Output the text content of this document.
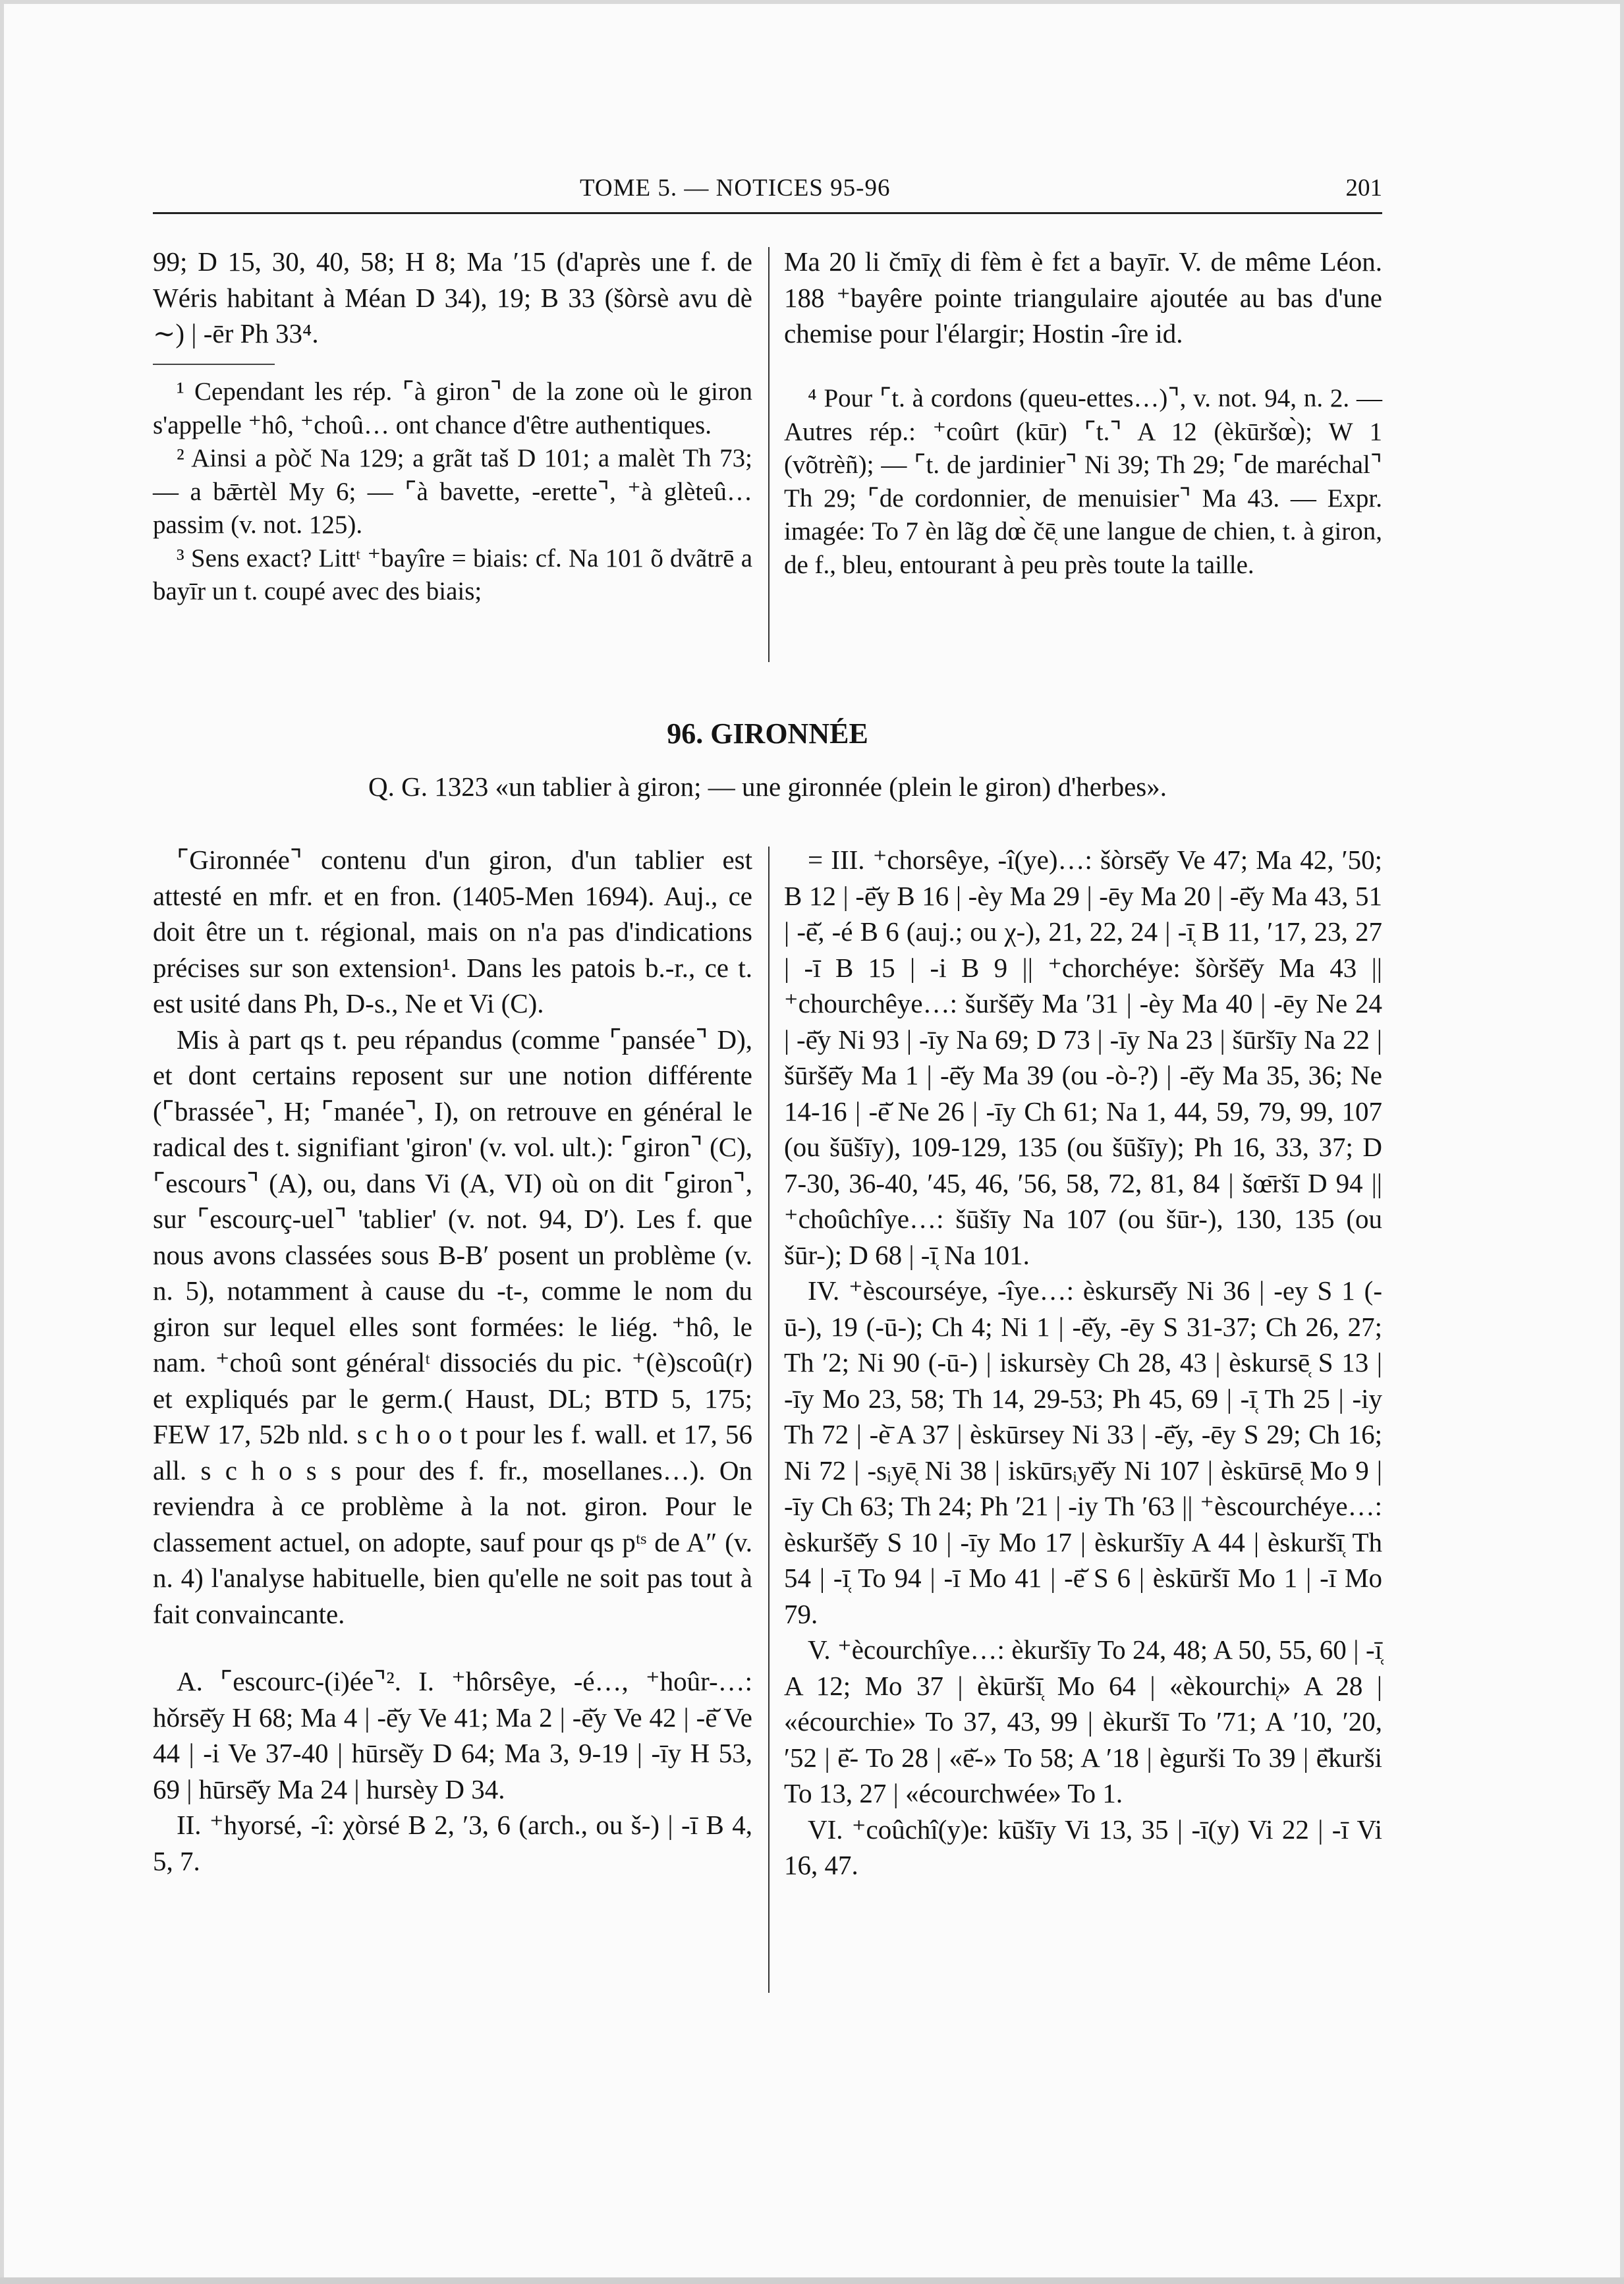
TOME 5. — NOTICES 95-96	201

99; D 15, 30, 40, 58; H 8; Ma ′15 (d'après une f. de Wéris habitant à Méan D 34), 19; B 33 (šòrsè avu dè ∼) | -ēr Ph 33⁴.

¹ Cependant les rép. ⌜à giron⌝ de la zone où le giron s'appelle ⁺hô, ⁺choû… ont chance d'être authentiques.

² Ainsi a pòč Na 129; a grãt taš D 101; a malèt Th 73; — a bǣrtèl My 6; — ⌜à bavette, -erette⌝, ⁺à glèteû… passim (v. not. 125).

³ Sens exact? Littᵗ ⁺bayîre = biais: cf. Na 101 õ dvãtrē a bayīr un t. coupé avec des biais;

Ma 20 li čmīχ di fèm è fɛt a bayīr. V. de même Léon. 188 ⁺bayêre pointe triangulaire ajoutée au bas d'une chemise pour l'élargir; Hostin -îre id.

⁴ Pour ⌜t. à cordons (queu-ettes…)⌝, v. not. 94, n. 2. — Autres rép.: ⁺coûrt (kūr) ⌜t.⌝ A 12 (èkūršœ̀); W 1 (võtrèñ); — ⌜t. de jardinier⌝ Ni 39; Th 29; ⌜de maréchal⌝ Th 29; ⌜de cordonnier, de menuisier⌝ Ma 43. — Expr. imagée: To 7 èn lãg dœ̀ čē̜ une langue de chien, t. à giron, de f., bleu, entourant à peu près toute la taille.

96. GIRONNÉE
Q. G. 1323 «un tablier à giron; — une gironnée (plein le giron) d'herbes».

⌜Gironnée⌝ contenu d'un giron, d'un tablier est attesté en mfr. et en fron. (1405-Men 1694). Auj., ce doit être un t. régional, mais on n'a pas d'indications précises sur son extension¹. Dans les patois b.-r., ce t. est usité dans Ph, D-s., Ne et Vi (C).

Mis à part qs t. peu répandus (comme ⌜pansée⌝ D), et dont certains reposent sur une notion différente (⌜brassée⌝, H; ⌜manée⌝, I), on retrouve en général le radical des t. signifiant 'giron' (v. vol. ult.): ⌜giron⌝ (C), ⌜escours⌝ (A), ou, dans Vi (A, VI) où on dit ⌜giron⌝, sur ⌜escourç-uel⌝ 'tablier' (v. not. 94, D′). Les f. que nous avons classées sous B-B′ posent un problème (v. n. 5), notamment à cause du -t-, comme le nom du giron sur lequel elles sont formées: le liég. ⁺hô, le nam. ⁺choû sont généralᵗ dissociés du pic. ⁺(è)scoû(r) et expliqués par le germ.( Haust, DL; BTD 5, 175; FEW 17, 52b nld. s c h o o t pour les f. wall. et 17, 56 all. s c h o s s pour des f. fr., mosellanes…). On reviendra à ce problème à la not. giron. Pour le classement actuel, on adopte, sauf pour qs pᵗˢ de A″ (v. n. 4) l'analyse habituelle, bien qu'elle ne soit pas tout à fait convaincante.

A. ⌜escourc-(i)ée⌝². I. ⁺hôrsêye, -é…, ⁺hoûr-…: hǒrsē̆y H 68; Ma 4 | -ē̆y Ve 41; Ma 2 | -ē̆y Ve 42 | -ē̆ Ve 44 | -i Ve 37-40 | hūrsè̆y D 64; Ma 3, 9-19 | -īy H 53, 69 | hūrsē̆y Ma 24 | hursèy D 34.

II. ⁺hyorsé, -î: χòrsé B 2, ′3, 6 (arch., ou š-) | -ī B 4, 5, 7.

= III. ⁺chorsêye, -î(ye)…: šòrsē̆y Ve 47; Ma 42, ′50; B 12 | -ē̆y B 16 | -èy Ma 29 | -ēy Ma 20 | -ē̆y Ma 43, 51 | -ē̆, -é B 6 (auj.; ou χ-), 21, 22, 24 | -ī̜ B 11, ′17, 23, 27 | -ī B 15 | -i B 9 || ⁺chorchéye: šòršē̆y Ma 43 || ⁺chourchêye…: šuršē̆y Ma ′31 | -èy Ma 40 | -ēy Ne 24 | -ē̆y Ni 93 | -īy Na 69; D 73 | -īy Na 23 | šūršīy Na 22 | šūršē̆y Ma 1 | -ē̆y Ma 39 (ou -ò-?) | -ē̆y Ma 35, 36; Ne 14-16 | -ē̆ Ne 26 | -īy Ch 61; Na 1, 44, 59, 79, 99, 107 (ou šūšīy), 109-129, 135 (ou šūšīy); Ph 16, 33, 37; D 7-30, 36-40, ′45, 46, ′56, 58, 72, 81, 84 | šœ̄ršī D 94 || ⁺choûchîye…: šūšīy Na 107 (ou šūr-), 130, 135 (ou šūr-); D 68 | -ī̜ Na 101.

IV. ⁺èscourséye, -îye…: èskursē̆y Ni 36 | -ey S 1 (-ū-), 19 (-ū-); Ch 4; Ni 1 | -ē̆y, -ēy S 31-37; Ch 26, 27; Th ′2; Ni 90 (-ū-) | iskursèy Ch 28, 43 | èskursē̜ S 13 | -īy Mo 23, 58; Th 14, 29-53; Ph 45, 69 | -ī̜ Th 25 | -iy Th 72 | -è̄ A 37 | èskūrsey Ni 33 | -ē̆y, -ēy S 29; Ch 16; Ni 72 | -sᵢyē̜ Ni 38 | iskūrsᵢyē̆y Ni 107 | èskūrsē̜ Mo 9 | -īy Ch 63; Th 24; Ph ′21 | -iy Th ′63 || ⁺èscourchéye…: èskuršē̆y S 10 | -īy Mo 17 | èskuršīy A 44 | èskuršī̜ Th 54 | -ī̜ To 94 | -ī Mo 41 | -ē̆ S 6 | èskūršī Mo 1 | -ī Mo 79.

V. ⁺ècourchîye…: èkuršīy To 24, 48; A 50, 55, 60 | -ī̜ A 12; Mo 37 | èkūršī̜ Mo 64 | «èkourchi̜» A 28 | «écourchie» To 37, 43, 99 | èkuršī To ′71; A ′10, ′20, ′52 | ē̆- To 28 | «ē̆-» To 58; A ′18 | ègurši To 39 | ē̆kurši To 13, 27 | «écourchwée» To 1.

VI. ⁺coûchî(y)e: kūšīy Vi 13, 35 | -ī(y) Vi 22 | -ī Vi 16, 47.
